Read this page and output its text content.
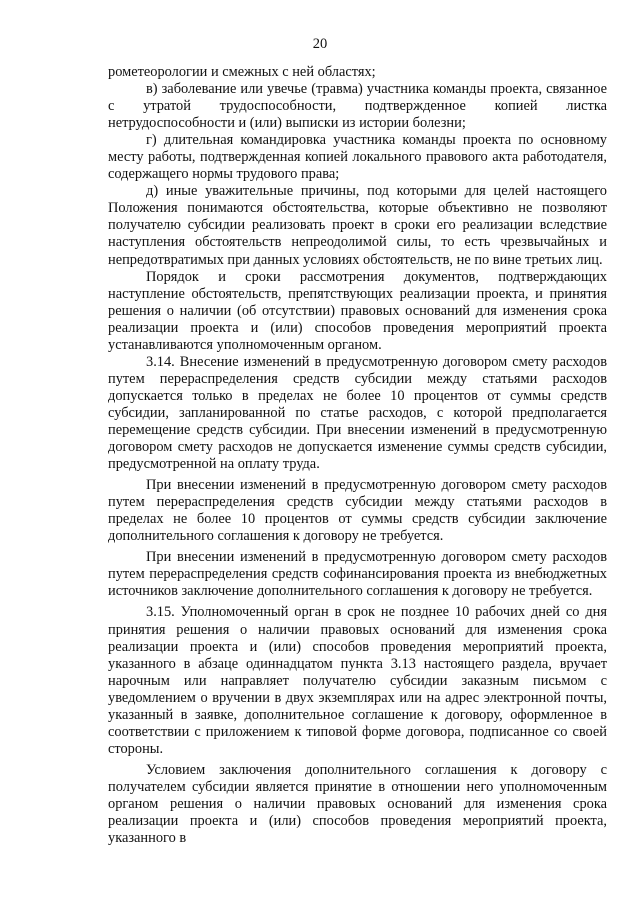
20

рометеорологии и смежных с ней областях;

в) заболевание или увечье (травма) участника команды проекта, связанное с утратой трудоспособности, подтвержденное копией листка нетрудоспособности и (или) выписки из истории болезни;

г) длительная командировка участника команды проекта по основному месту работы, подтвержденная копией локального правового акта работодателя, содержащего нормы трудового права;

д) иные уважительные причины, под которыми для целей настоящего Положения понимаются обстоятельства, которые объективно не позволяют получателю субсидии реализовать проект в сроки его реализации вследствие наступления обстоятельств непреодолимой силы, то есть чрезвычайных и непредотвратимых при данных условиях обстоятельств, не по вине третьих лиц.

Порядок и сроки рассмотрения документов, подтверждающих наступление обстоятельств, препятствующих реализации проекта, и принятия решения о наличии (об отсутствии) правовых оснований для изменения срока реализации проекта и (или) способов проведения мероприятий проекта устанавливаются уполномоченным органом.

3.14. Внесение изменений в предусмотренную договором смету расходов путем перераспределения средств субсидии между статьями расходов допускается только в пределах не более 10 процентов от суммы средств субсидии, запланированной по статье расходов, с которой предполагается перемещение средств субсидии. При внесении изменений в предусмотренную договором смету расходов не допускается изменение суммы средств субсидии, предусмотренной на оплату труда.

При внесении изменений в предусмотренную договором смету расходов путем перераспределения средств субсидии между статьями расходов в пределах не более 10 процентов от суммы средств субсидии заключение дополнительного соглашения к договору не требуется.

При внесении изменений в предусмотренную договором смету расходов путем перераспределения средств софинансирования проекта из внебюджетных источников заключение дополнительного соглашения к договору не требуется.

3.15. Уполномоченный орган в срок не позднее 10 рабочих дней со дня принятия решения о наличии правовых оснований для изменения срока реализации проекта и (или) способов проведения мероприятий проекта, указанного в абзаце одиннадцатом пункта 3.13 настоящего раздела, вручает нарочным или направляет получателю субсидии заказным письмом с уведомлением о вручении в двух экземплярах или на адрес электронной почты, указанный в заявке, дополнительное соглашение к договору, оформленное в соответствии с приложением к типовой форме договора, подписанное со своей стороны.

Условием заключения дополнительного соглашения к договору с получателем субсидии является принятие в отношении него уполномоченным органом решения о наличии правовых оснований для изменения срока реализации проекта и (или) способов проведения мероприятий проекта, указанного в
